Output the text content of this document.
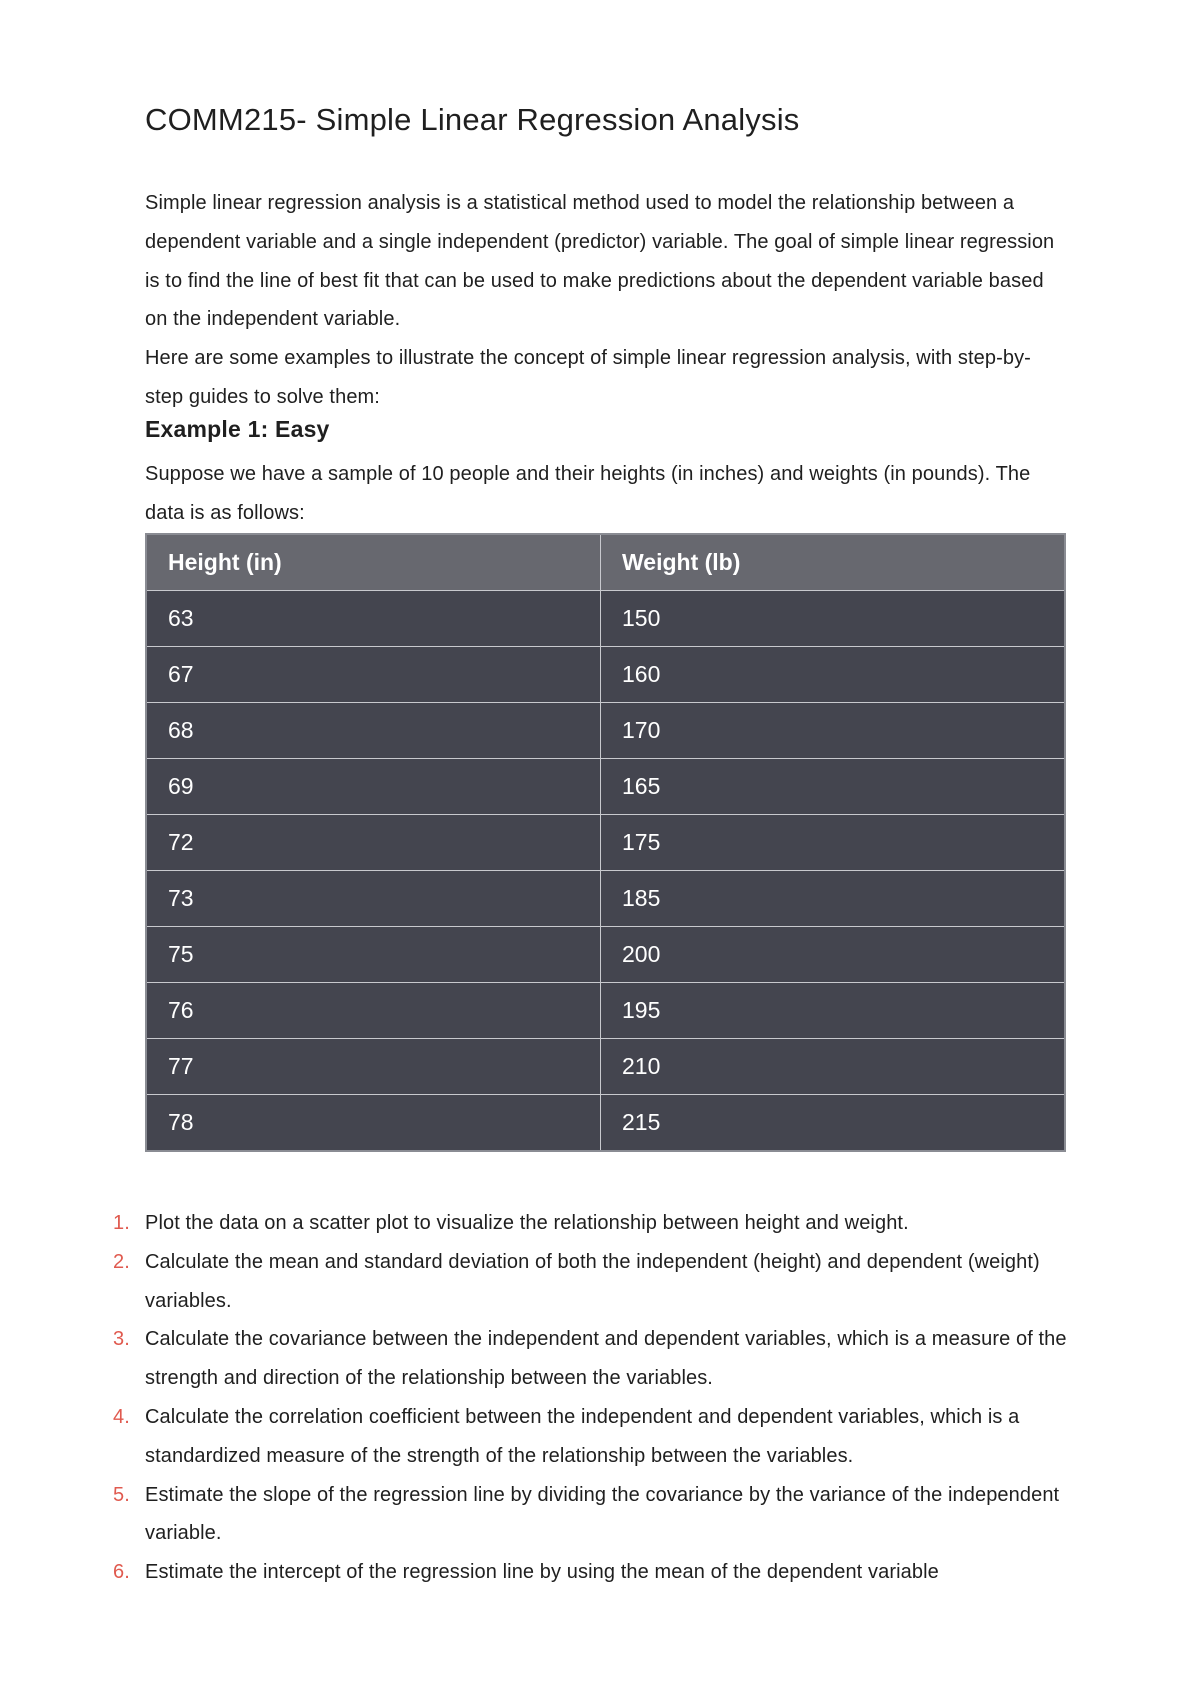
COMM215- Simple Linear Regression Analysis

Simple linear regression analysis is a statistical method used to model the relationship between a dependent variable and a single independent (predictor) variable. The goal of simple linear regression is to find the line of best fit that can be used to make predictions about the dependent variable based on the independent variable.

Here are some examples to illustrate the concept of simple linear regression analysis, with step-by-step guides to solve them:

Example 1: Easy

Suppose we have a sample of 10 people and their heights (in inches) and weights (in pounds). The data is as follows:

Height (in)	Weight (lb)
63	150
67	160
68	170
69	165
72	175
73	185
75	200
76	195
77	210
78	215
1. Plot the data on a scatter plot to visualize the relationship between height and weight.
2. Calculate the mean and standard deviation of both the independent (height) and dependent (weight) variables.
3. Calculate the covariance between the independent and dependent variables, which is a measure of the strength and direction of the relationship between the variables.
4. Calculate the correlation coefficient between the independent and dependent variables, which is a standardized measure of the strength of the relationship between the variables.
5. Estimate the slope of the regression line by dividing the covariance by the variance of the independent variable.
6. Estimate the intercept of the regression line by using the mean of the dependent variable
